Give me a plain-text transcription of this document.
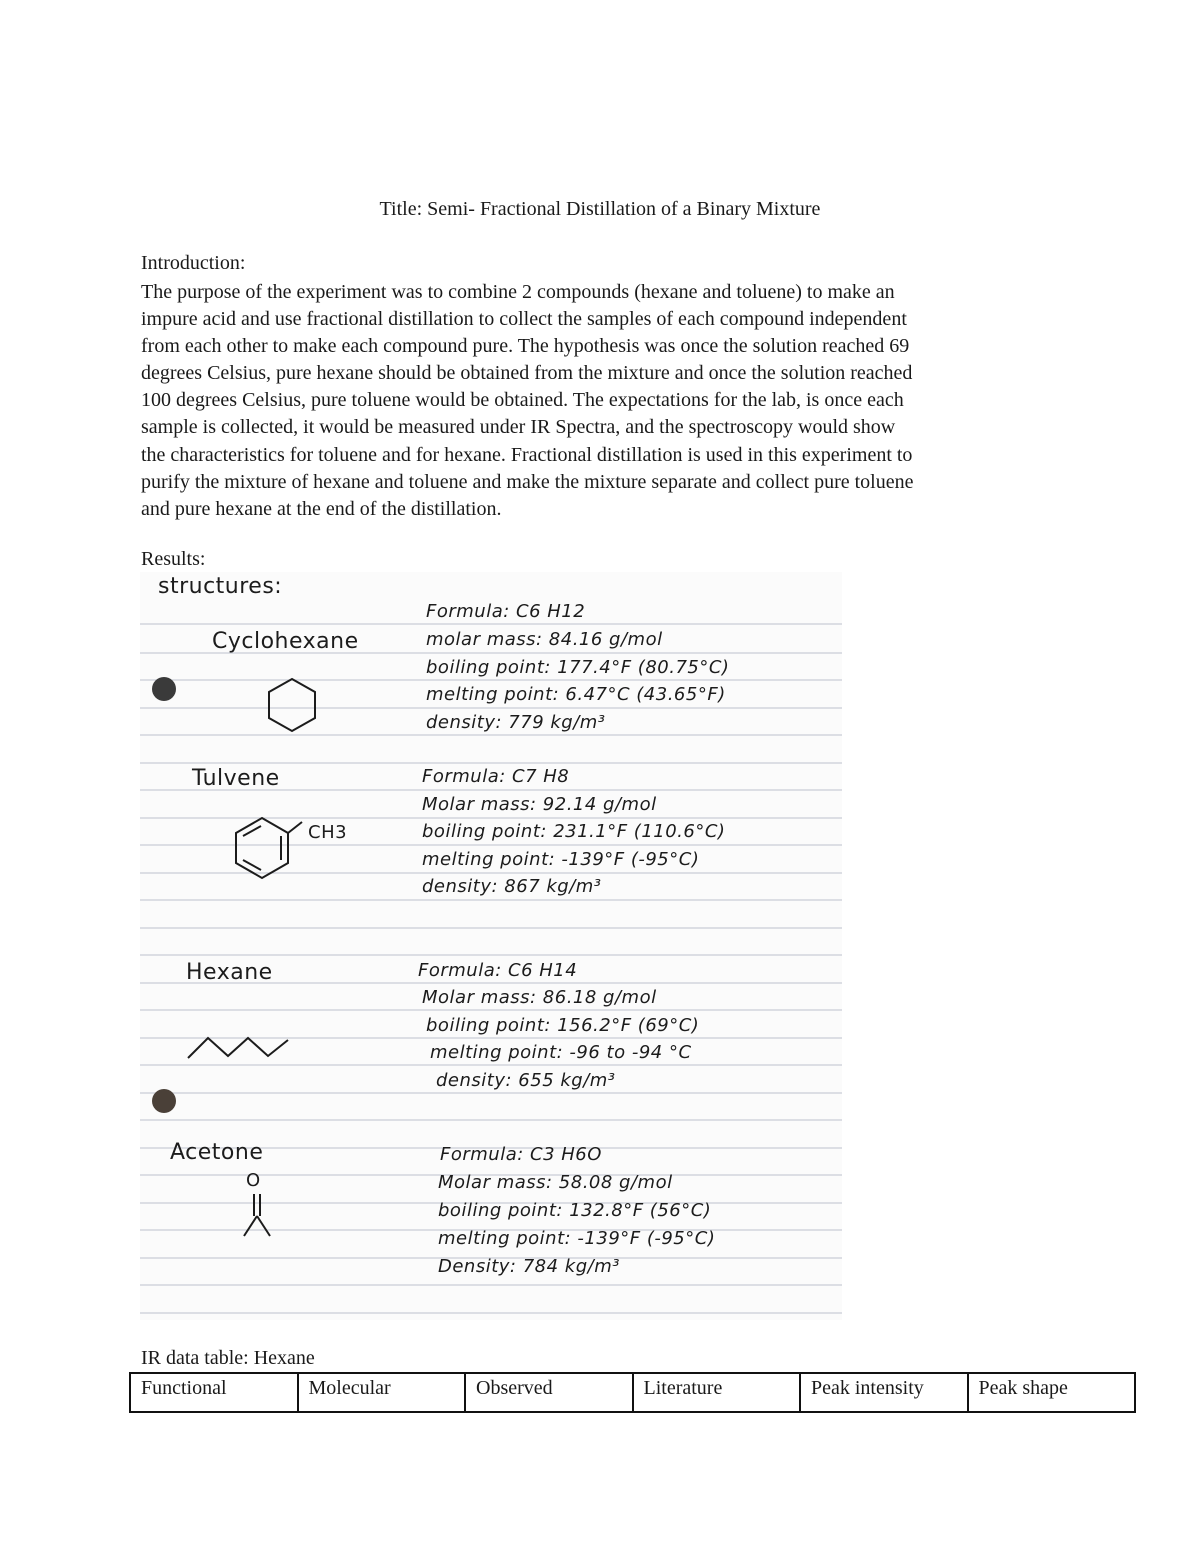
Title: Semi- Fractional Distillation of a Binary Mixture
Introduction:
The purpose of the experiment was to combine 2 compounds (hexane and toluene) to make an
impure acid and use fractional distillation to collect the samples of each compound independent
from each other to make each compound pure. The hypothesis was once the solution reached 69
degrees Celsius, pure hexane should be obtained from the mixture and once the solution reached
100 degrees Celsius, pure toluene would be obtained. The expectations for the lab, is once each
sample is collected, it would be measured under IR Spectra, and the spectroscopy would show
the characteristics for toluene and for hexane. Fractional distillation is used in this experiment to
purify the mixture of hexane and toluene and make the mixture separate and collect pure toluene
and pure hexane at the end of the distillation.
Results:
structures:
Cyclohexane
Formula: C6 H12
molar mass: 84.16 g/mol
boiling point: 177.4°F (80.75°C)
melting point: 6.47°C (43.65°F)
density: 779 kg/m³
Tulvene
CH3
Formula: C7 H8
Molar mass: 92.14 g/mol
boiling point: 231.1°F (110.6°C)
melting point: -139°F (-95°C)
density: 867 kg/m³
Hexane	Formula: C6 H14
Molar mass: 86.18 g/mol
boiling point: 156.2°F (69°C)
melting point: -96 to -94 °C
density: 655 kg/m³
Acetone
O
Formula: C3 H6O
Molar mass: 58.08 g/mol
boiling point: 132.8°F (56°C)
melting point: -139°F (-95°C)
Density: 784 kg/m³
IR data table: Hexane
Functional	Molecular	Observed	Literature	Peak intensity	Peak shape
